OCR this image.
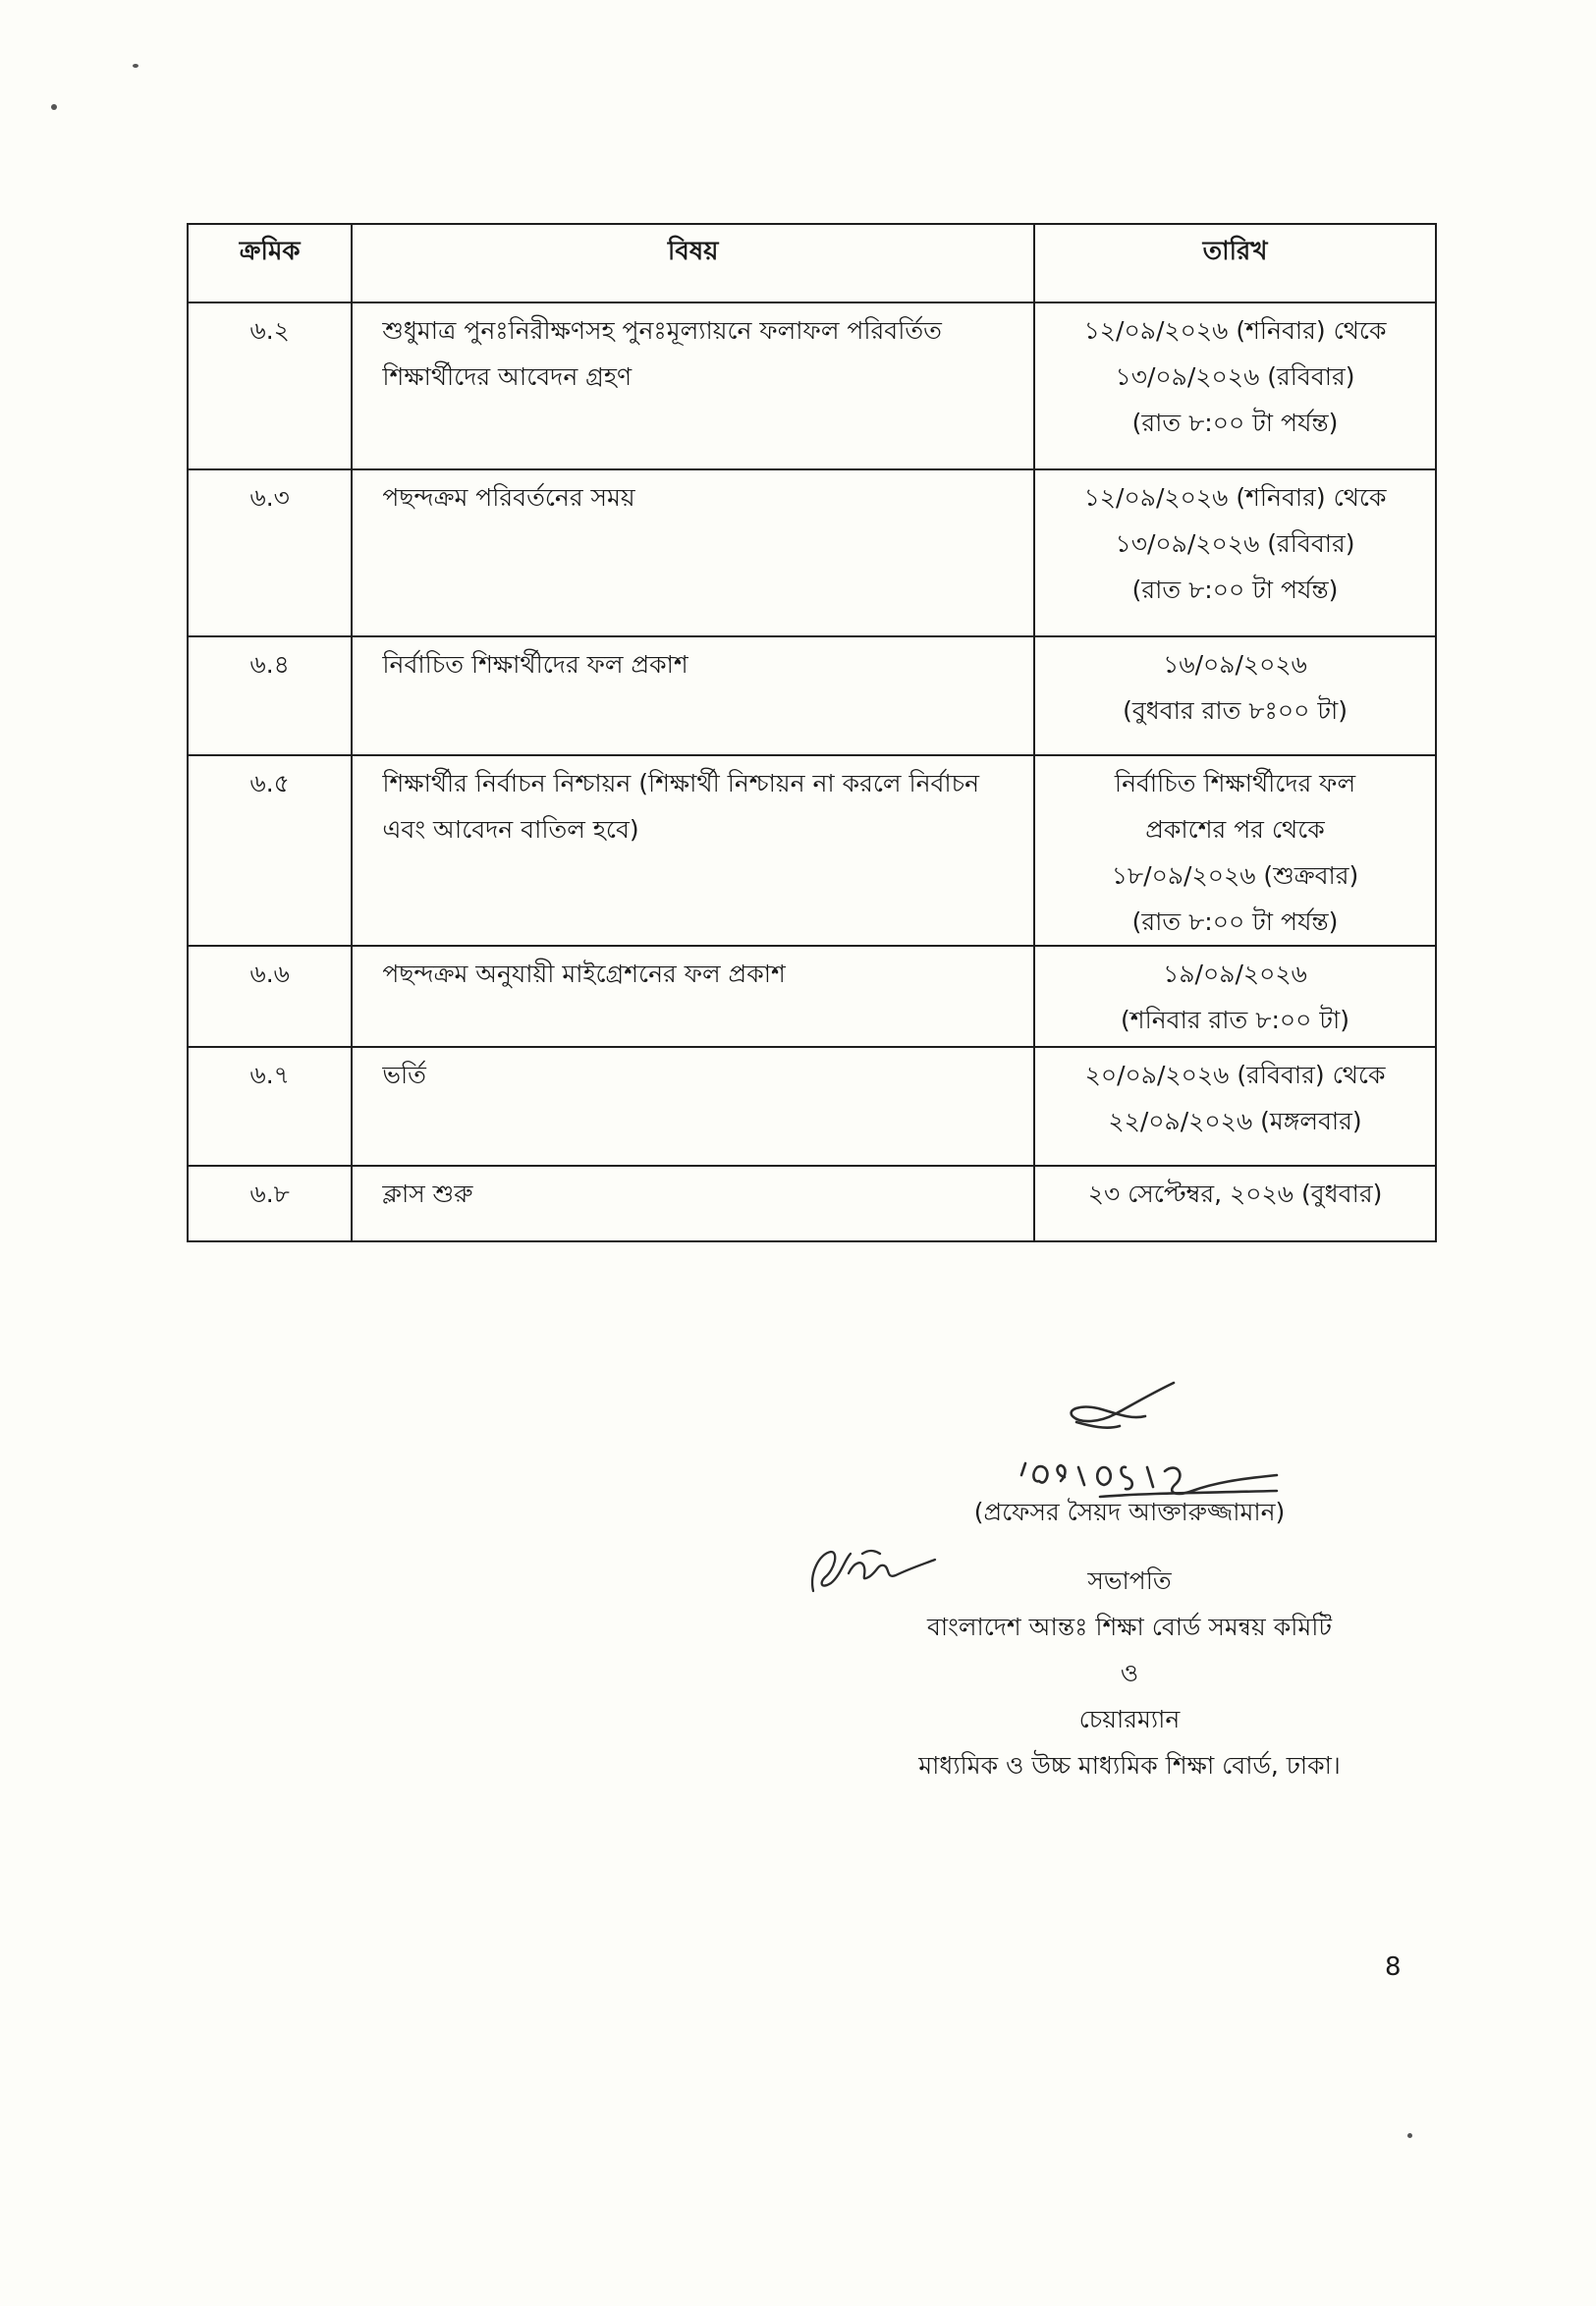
ক্রমিক	বিষয়	তারিখ
৬.২	শুধুমাত্র পুনঃনিরীক্ষণসহ পুনঃমূল্যায়নে ফলাফল পরিবর্তিত শিক্ষার্থীদের আবেদন গ্রহণ	১২/০৯/২০২৬ (শনিবার) থেকে
১৩/০৯/২০২৬ (রবিবার)
(রাত ৮:০০ টা পর্যন্ত)

৬.৩	পছন্দক্রম পরিবর্তনের সময়	১২/০৯/২০২৬ (শনিবার) থেকে
১৩/০৯/২০২৬ (রবিবার)
(রাত ৮:০০ টা পর্যন্ত)

৬.৪	নির্বাচিত শিক্ষার্থীদের ফল প্রকাশ	১৬/০৯/২০২৬
(বুধবার রাত ৮ঃ০০ টা)

৬.৫	শিক্ষার্থীর নির্বাচন নিশ্চায়ন (শিক্ষার্থী নিশ্চায়ন না করলে নির্বাচন এবং আবেদন বাতিল হবে)	নির্বাচিত শিক্ষার্থীদের ফল
প্রকাশের পর থেকে
১৮/০৯/২০২৬ (শুক্রবার)
(রাত ৮:০০ টা পর্যন্ত)

৬.৬	পছন্দক্রম অনুযায়ী মাইগ্রেশনের ফল প্রকাশ	১৯/০৯/২০২৬
(শনিবার রাত ৮:০০ টা)

৬.৭	ভর্তি	২০/০৯/২০২৬ (রবিবার) থেকে
২২/০৯/২০২৬ (মঙ্গলবার)

৬.৮	ক্লাস শুরু	২৩ সেপ্টেম্বর, ২০২৬ (বুধবার)
(প্রফেসর সৈয়দ আক্তারুজ্জামান)
সভাপতি
বাংলাদেশ আন্তঃ শিক্ষা বোর্ড সমন্বয় কমিটি
ও
চেয়ারম্যান
মাধ্যমিক ও উচ্চ মাধ্যমিক শিক্ষা বোর্ড, ঢাকা।
8
